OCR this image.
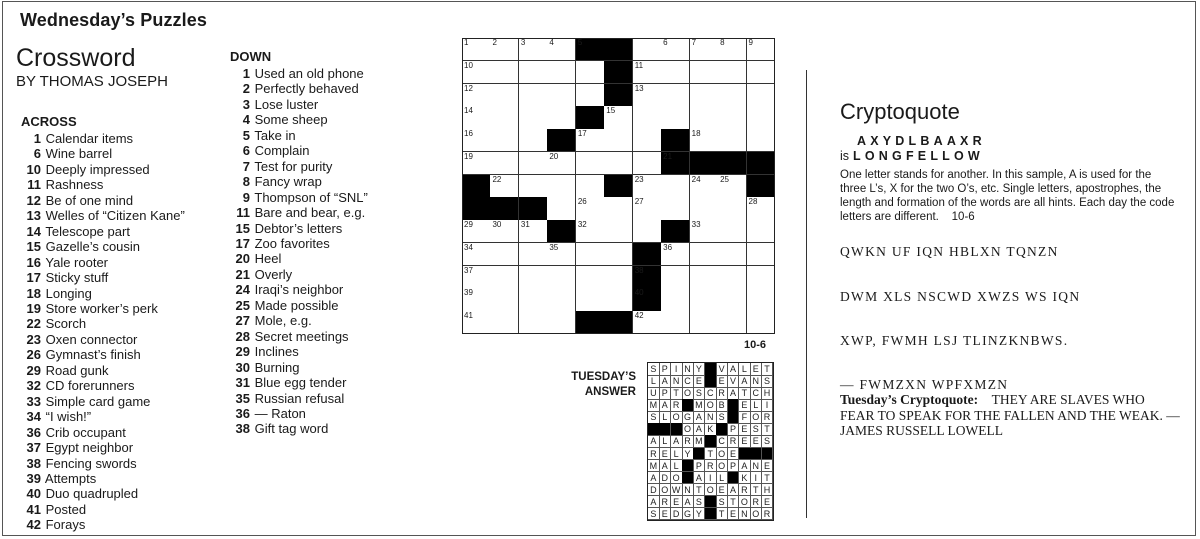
Wednesday’s Puzzles
Crossword
BY THOMAS JOSEPH
ACROSS
1 Calendar items
6 Wine barrel
10 Deeply impressed
11 Rashness
12 Be of one mind
13 Welles of “Citizen Kane”
14 Telescope part
15 Gazelle’s cousin
16 Yale rooter
17 Sticky stuff
18 Longing
19 Store worker’s perk
22 Scorch
23 Oxen connector
26 Gymnast’s finish
29 Road gunk
32 CD forerunners
33 Simple card game
34 “I wish!”
36 Crib occupant
37 Egypt neighbor
38 Fencing swords
39 Attempts
40 Duo quadrupled
41 Posted
42 Forays
DOWN
1 Used an old phone
2 Perfectly behaved
3 Lose luster
4 Some sheep
5 Take in
6 Complain
7 Test for purity
8 Fancy wrap
9 Thompson of “SNL”
11 Bare and bear, e.g.
15 Debtor’s letters
17 Zoo favorites
20 Heel
21 Overly
24 Iraqi’s neighbor
25 Made possible
27 Mole, e.g.
28 Secret meetings
29 Inclines
30 Burning
31 Blue egg tender
35 Russian refusal
36 — Raton
38 Gift tag word
1	2	3	4	5	6	7	8	9
10	11
12	13
14	15
16	17	18
19	20	21
22	23	24 25
26	27	28
29 30 31	32	33
34	35	36
37	38
39	40
41	42
10-6
TUESDAY’S ANSWER
S P I N Y	V A L E T
L A N C E	E V A N S
U P T O S C R A T C H
M A R	M O B	E L I
S L O G A N S	F O R
O A K	P E S T
A L A R M C R E E S
R E L Y	T O E
M A L	P R O P A N E
A D O	A I L	K I T
D O W N T O E A R T H
A R E A S	S T O R E
S E D G Y	T E N O R
Cryptoquote
AXYDLBAAXR
is LONGFELLOW
One letter stands for another. In this sample, A is used for the three L’s, X for the two O’s, etc. Single letters, apostrophes, the length and formation of the words are all hints. Each day the code letters are different. 10-6
QWKN UF IQN HBLXN TQNZN
DWM XLS NSCWD XWZS WS IQN
XWP, FWMH LSJ TLINZKNBWS.
— FWMZXN WPFXMZN
Tuesday’s Cryptoquote: THEY ARE SLAVES WHO FEAR TO SPEAK FOR THE FALLEN AND THE WEAK. — JAMES RUSSELL LOWELL
